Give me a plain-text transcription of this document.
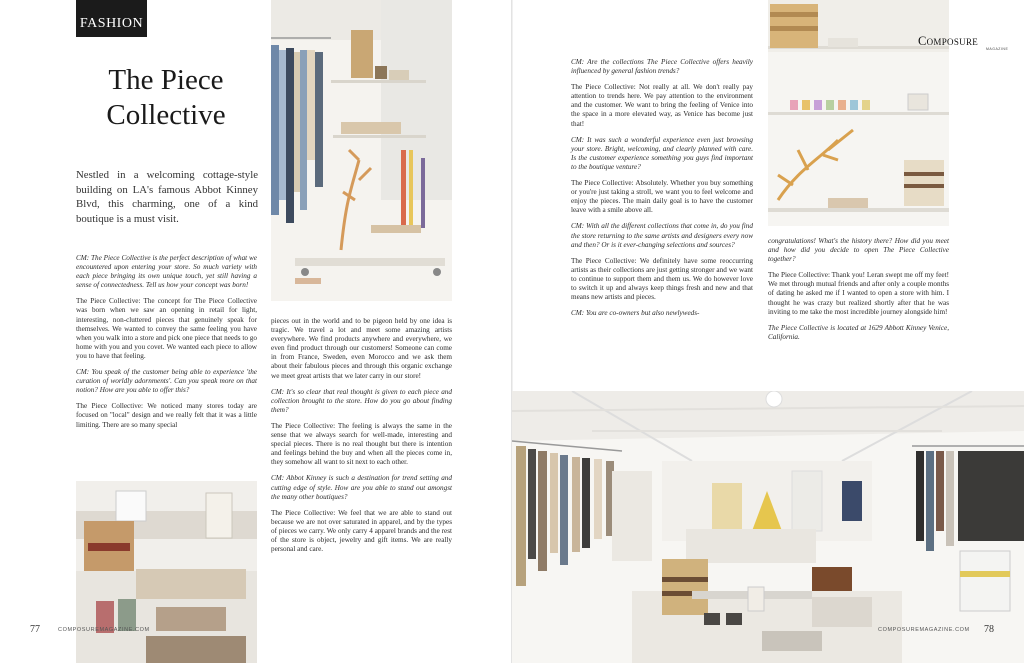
FASHION
The Piece
Collective

Nestled in a welcoming cottage-style building on LA's famous Abbot Kinney Blvd, this charming, one of a kind boutique is a must visit.

CM: The Piece Collective is the perfect description of what we encountered upon entering your store. So much variety with each piece bringing its own unique touch, yet still having a sense of connectedness. Tell us how your concept was born!

The Piece Collective: The concept for The Piece Collective was born when we saw an opening in retail for light, interesting, non-cluttered pieces that genuinely speak for themselves. We wanted to convey the same feeling you have when you walk into a store and pick one piece that needs to go home with you and you covet. We wanted each piece to allow you to have that feeling.

CM: You speak of the customer being able to experience 'the curation of worldly adornments'. Can you speak more on that notion? How are you able to offer this?

The Piece Collective: We noticed many stores today are focused on "local" design and we really felt that it was a little limiting. There are so many special

pieces out in the world and to be pigeon held by one idea is tragic. We travel a lot and meet some amazing artists everywhere. We find products anywhere and everywhere, we even find product through our customers! Someone can come in from France, Sweden, even Morocco and we ask them about their fabulous pieces and through this organic exchange we meet great artists that we later carry in our store!

CM: It's so clear that real thought is given to each piece and collection brought to the store. How do you go about finding them?

The Piece Collective: The feeling is always the same in the sense that we always search for well-made, interesting and special pieces. There is no real thought but there is intention and feelings behind the buy and when all the pieces come in, they somehow all want to sit next to each other.

CM: Abbot Kinney is such a destination for trend setting and cutting edge of style. How are you able to stand out amongst the many other boutiques?

The Piece Collective: We feel that we are able to stand out because we are not over saturated in apparel, and by the types of pieces we carry. We only carry 4 apparel brands and the rest of the store is object, jewelry and gift items. We are really personal and care.

77	COMPOSUREMAGAZINE.COM

CM: Are the collections The Piece Collective offers heavily influenced by general fashion trends?

The Piece Collective: Not really at all. We don't really pay attention to trends here. We pay attention to the environment and the customer. We want to bring the feeling of Venice into the space in a more elevated way, as Venice has become just that!

CM: It was such a wonderful experience even just browsing your store. Bright, welcoming, and clearly planned with care. Is the customer experience something you guys find important to the boutique venture?

The Piece Collective: Absolutely. Whether you buy something or you're just taking a stroll, we want you to feel welcome and enjoy the pieces. The main daily goal is to have the customer leave with a smile above all.

CM: With all the different collections that come in, do you find the store returning to the same artists and designers every now and then? Or is it ever-changing selections and sources?

The Piece Collective: We definitely have some reoccurring artists as their collections are just getting stronger and we want to continue to support them and them us. We do however love to switch it up and always keep things fresh and new and that means new artists and pieces.

CM: You are co-owners but also newlyweds-

Composure
MAGAZINE

congratulations! What's the history there? How did you meet and how did you decide to open The Piece Collective together?

The Piece Collective: Thank you! Leran swept me off my feet! We met through mutual friends and after only a couple months of dating he asked me if I wanted to open a store with him. I thought he was crazy but realized shortly after that he was inviting to me take the most incredible journey alongside him!

The Piece Collective is located at 1629 Abbott Kinney Venice, California.

78
COMPOSUREMAGAZINE.COM
